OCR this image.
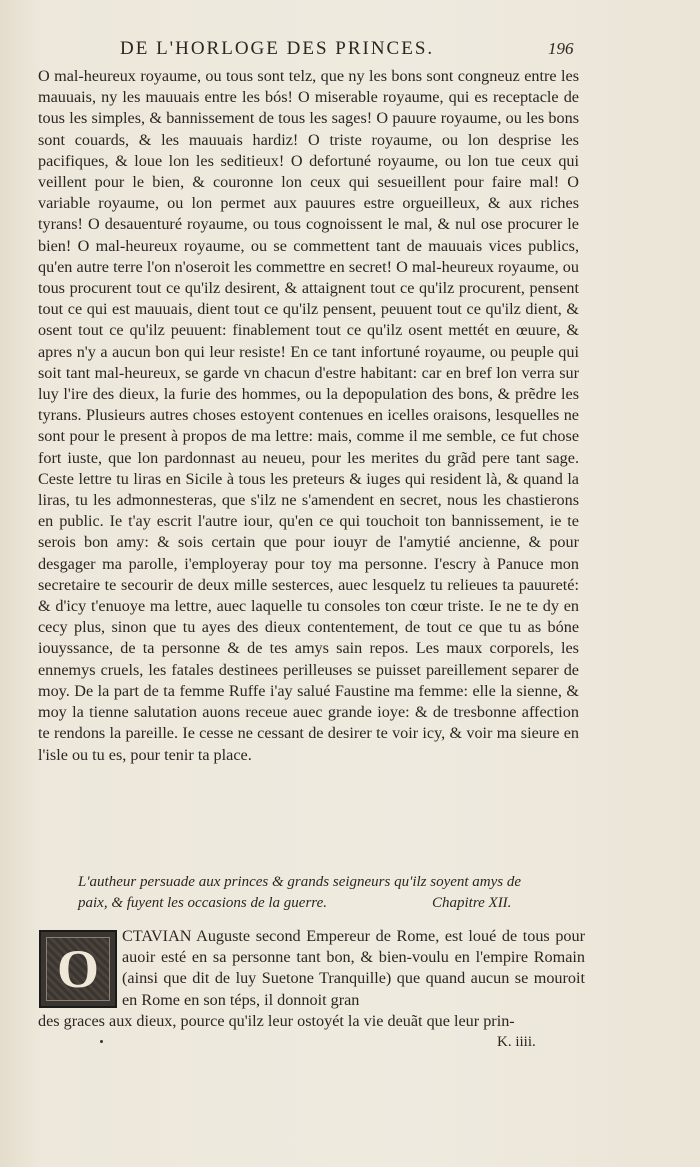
DE L'HORLOGE DES PRINCES.	196

O mal-heureux royaume, ou tous sont telz, que ny les bons sont congneuz entre les mauuais, ny les mauuais entre les bós! O miserable royaume, qui es receptacle de tous les simples, & bannissement de tous les sages! O pauure royaume, ou les bons sont couards, & les mauuais hardiz! O triste royaume, ou lon desprise les pacifiques, & loue lon les seditieux! O defortuné royaume, ou lon tue ceux qui veillent pour le bien, & couronne lon ceux qui sesueillent pour faire mal! O variable royaume, ou lon permet aux pauures estre orgueilleux, & aux riches tyrans! O desauenturé royaume, ou tous cognoissent le mal, & nul ose procurer le bien! O mal-heureux royaume, ou se commettent tant de mauuais vices publics, qu'en autre terre l'on n'oseroit les commettre en secret! O mal-heureux royaume, ou tous procurent tout ce qu'ilz desirent, & attaignent tout ce qu'ilz procurent, pensent tout ce qui est mauuais, dient tout ce qu'ilz pensent, peuuent tout ce qu'ilz dient, & osent tout ce qu'ilz peuuent: finablement tout ce qu'ilz osent mettét en œuure, & apres n'y a aucun bon qui leur resiste! En ce tant infortuné royaume, ou peuple qui soit tant mal-heureux, se garde vn chacun d'estre habitant: car en bref lon verra sur luy l'ire des dieux, la furie des hommes, ou la depopulation des bons, & prẽdre les tyrans. Plusieurs autres choses estoyent contenues en icelles oraisons, lesquelles ne sont pour le present à propos de ma lettre: mais, comme il me semble, ce fut chose fort iuste, que lon pardonnast au neueu, pour les merites du grãd pere tant sage. Ceste lettre tu liras en Sicile à tous les preteurs & iuges qui resident là, & quand la liras, tu les admonnesteras, que s'ilz ne s'amendent en secret, nous les chastierons en public. Ie t'ay escrit l'autre iour, qu'en ce qui touchoit ton bannissement, ie te serois bon amy: & sois certain que pour iouyr de l'amytié ancienne, & pour desgager ma parolle, i'employeray pour toy ma personne. I'escry à Panuce mon secretaire te secourir de deux mille sesterces, auec lesquelz tu relieues ta pauureté: & d'icy t'enuoye ma lettre, auec laquelle tu consoles ton cœur triste. Ie ne te dy en cecy plus, sinon que tu ayes des dieux contentement, de tout ce que tu as bóne iouyssance, de ta personne & de tes amys sain repos. Les maux corporels, les ennemys cruels, les fatales destinees perilleuses se puisset pareillement separer de moy. De la part de ta femme Ruffe i'ay salué Faustine ma femme: elle la sienne, & moy la tienne salutation auons receue auec grande ioye: & de tresbonne affection te rendons la pareille. Ie cesse ne cessant de desirer te voir icy, & voir ma sieure en l'isle ou tu es, pour tenir ta place.

L'autheur persuade aux princes & grands seigneurs qu'ilz soyent amys de paix, & fuyent les occasions de la guerre.	Chapitre XII.
O

CTAVIAN Auguste second Empereur de Rome, est loué de tous pour auoir esté en sa personne tant bon, & bien-voulu en l'empire Romain (ainsi que dit de luy Suetone Tranquille) que quand aucun se mouroit en Rome en son téps, il donnoit gran

des graces aux dieux, pource qu'ilz leur ostoyét la vie deuãt que leur prin-

K. iiii.
